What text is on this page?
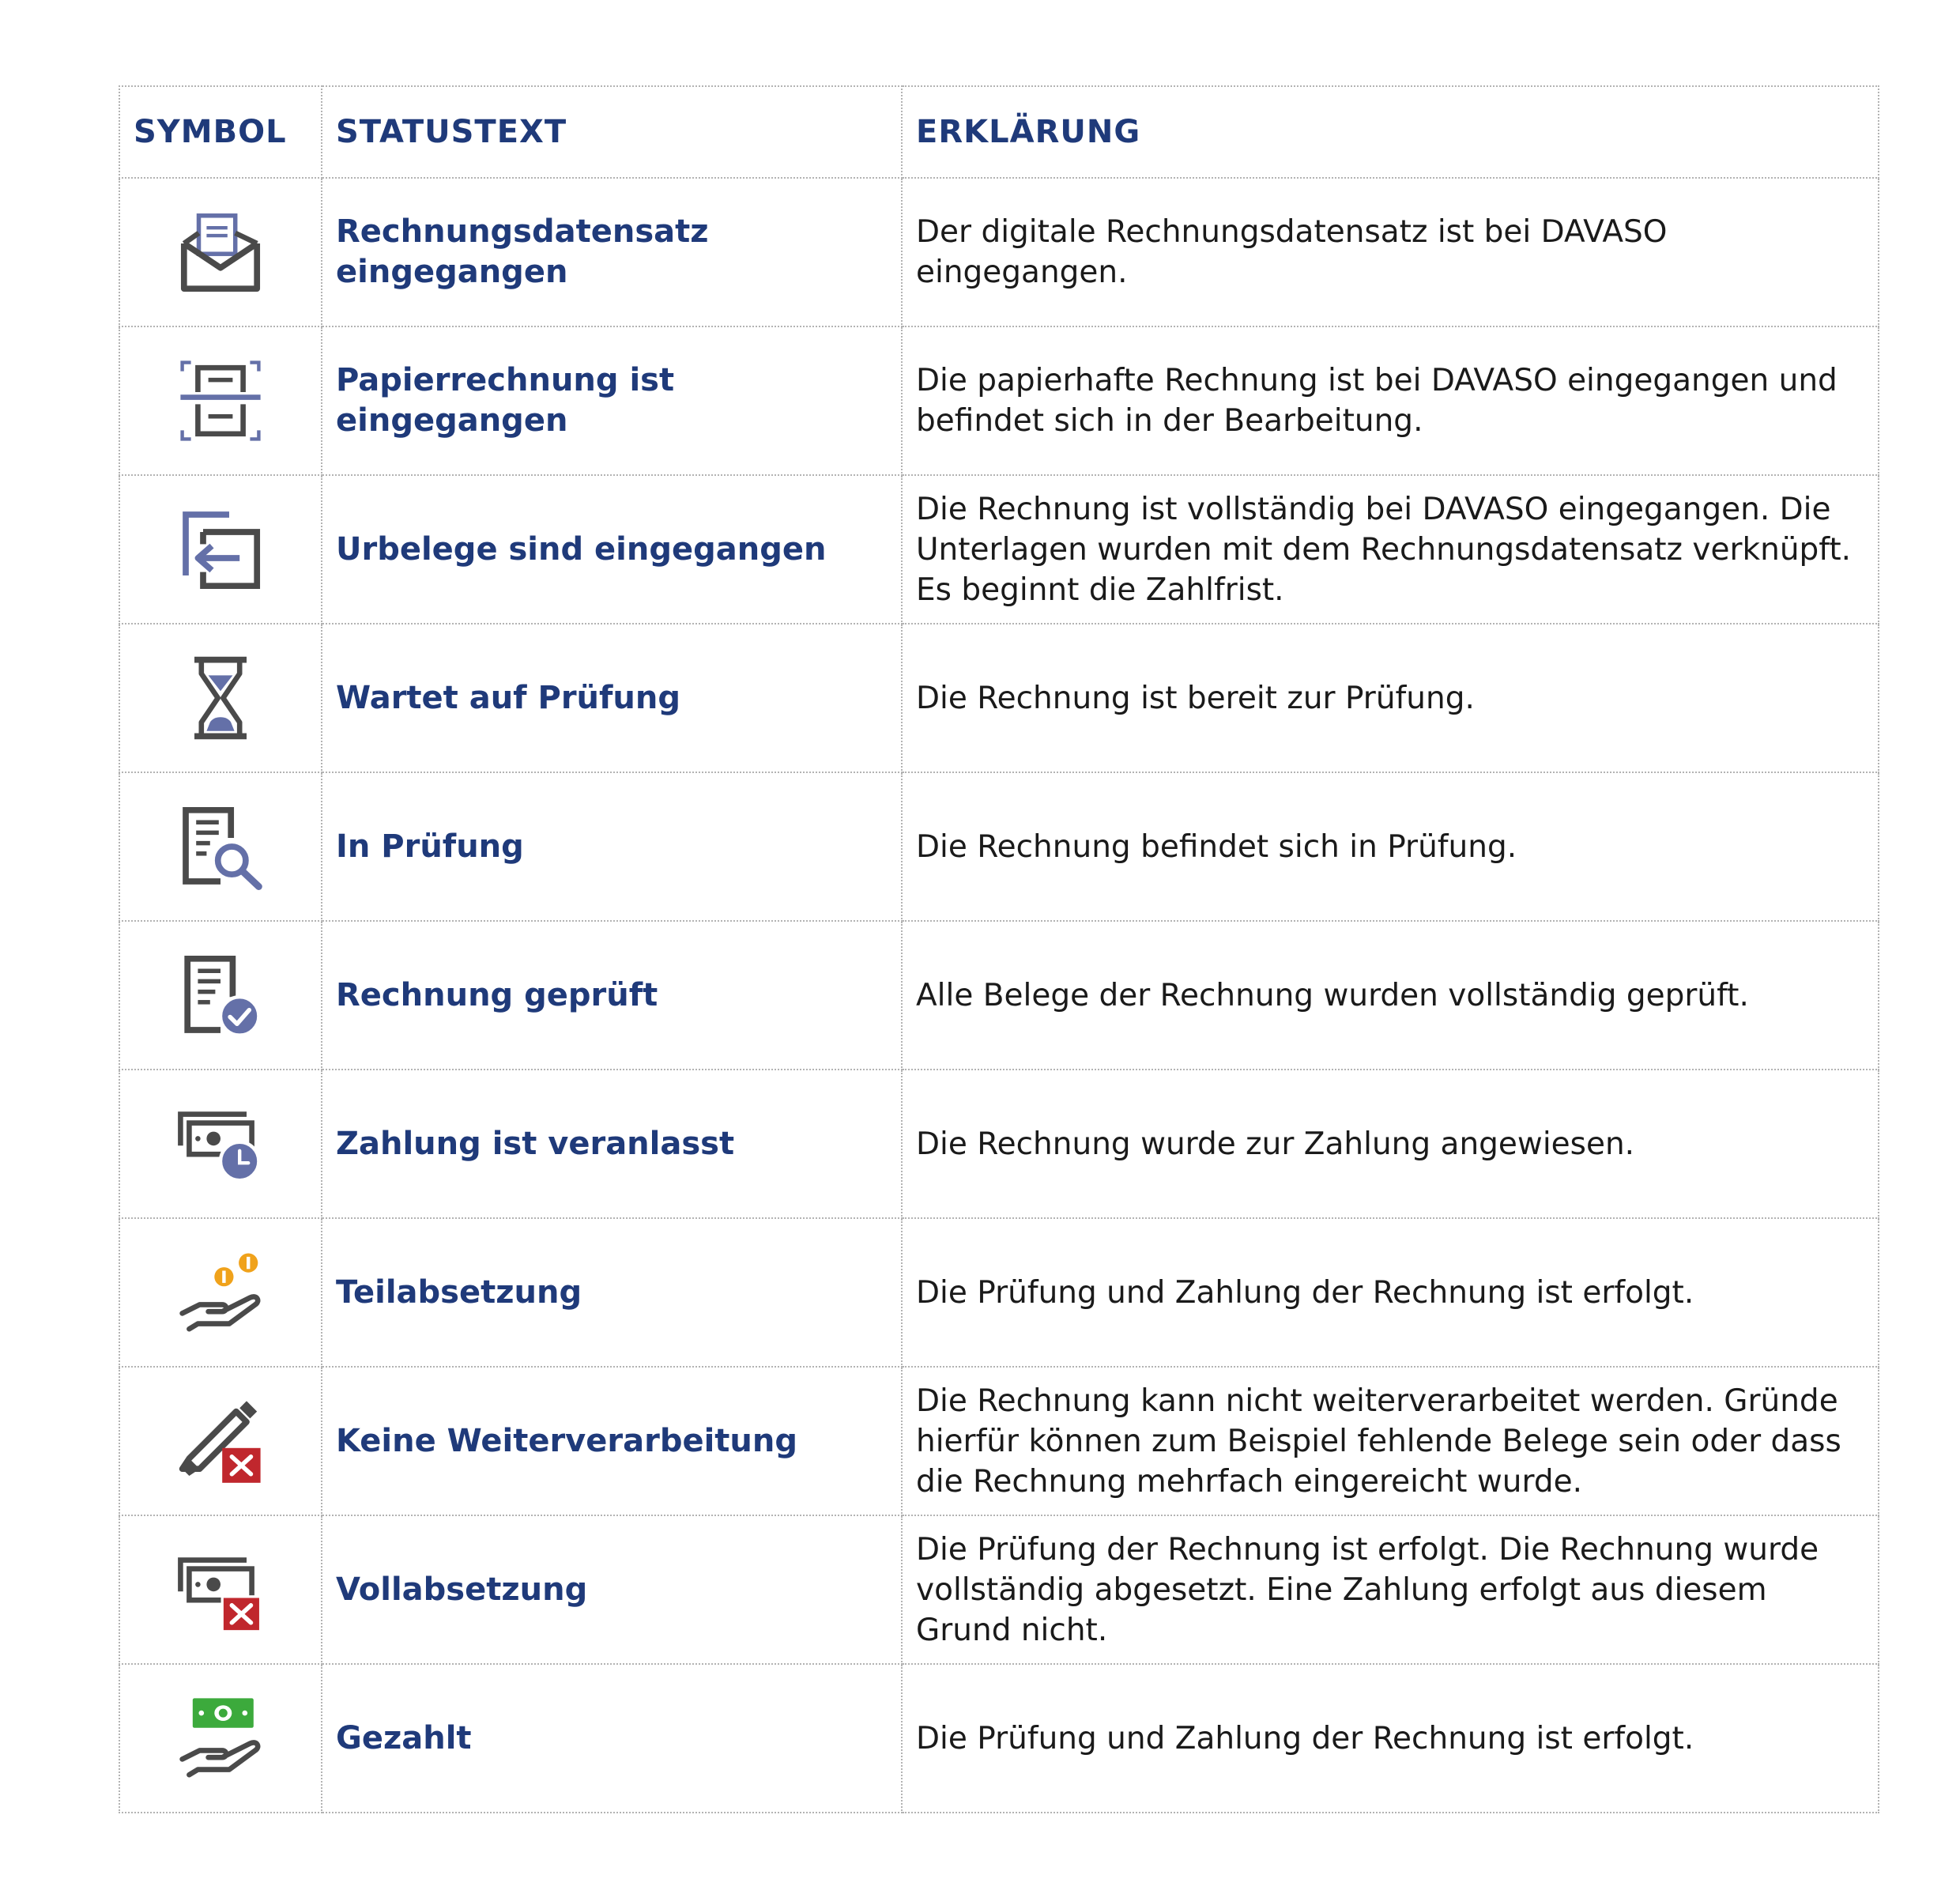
SYMBOL	STATUSTEXT	ERKLÄRUNG
	Rechnungsdatensatz eingegangen	Der digitale Rechnungsdatensatz ist bei DAVASO eingegangen.
	Papierrechnung ist eingegangen	Die papierhafte Rechnung ist bei DAVASO eingegangen und befindet sich in der Bearbeitung.
	Urbelege sind eingegangen	Die Rechnung ist vollständig bei DAVASO eingegangen. Die Unterlagen wurden mit dem Rechnungsdatensatz verknüpft. Es beginnt die Zahlfrist.
	Wartet auf Prüfung	Die Rechnung ist bereit zur Prüfung.
	In Prüfung	Die Rechnung befindet sich in Prüfung.
	Rechnung geprüft	Alle Belege der Rechnung wurden vollständig geprüft.
	Zahlung ist veranlasst	Die Rechnung wurde zur Zahlung angewiesen.
	Teilabsetzung	Die Prüfung und Zahlung der Rechnung ist erfolgt.
	Keine Weiterverarbeitung	Die Rechnung kann nicht weiterverarbeitet werden. Gründe hierfür können zum Beispiel fehlende Belege sein oder dass die Rechnung mehrfach eingereicht wurde.
	Vollabsetzung	Die Prüfung der Rechnung ist erfolgt. Die Rechnung wurde vollständig abgesetzt. Eine Zahlung erfolgt aus diesem Grund nicht.
	Gezahlt	Die Prüfung und Zahlung der Rechnung ist erfolgt.
